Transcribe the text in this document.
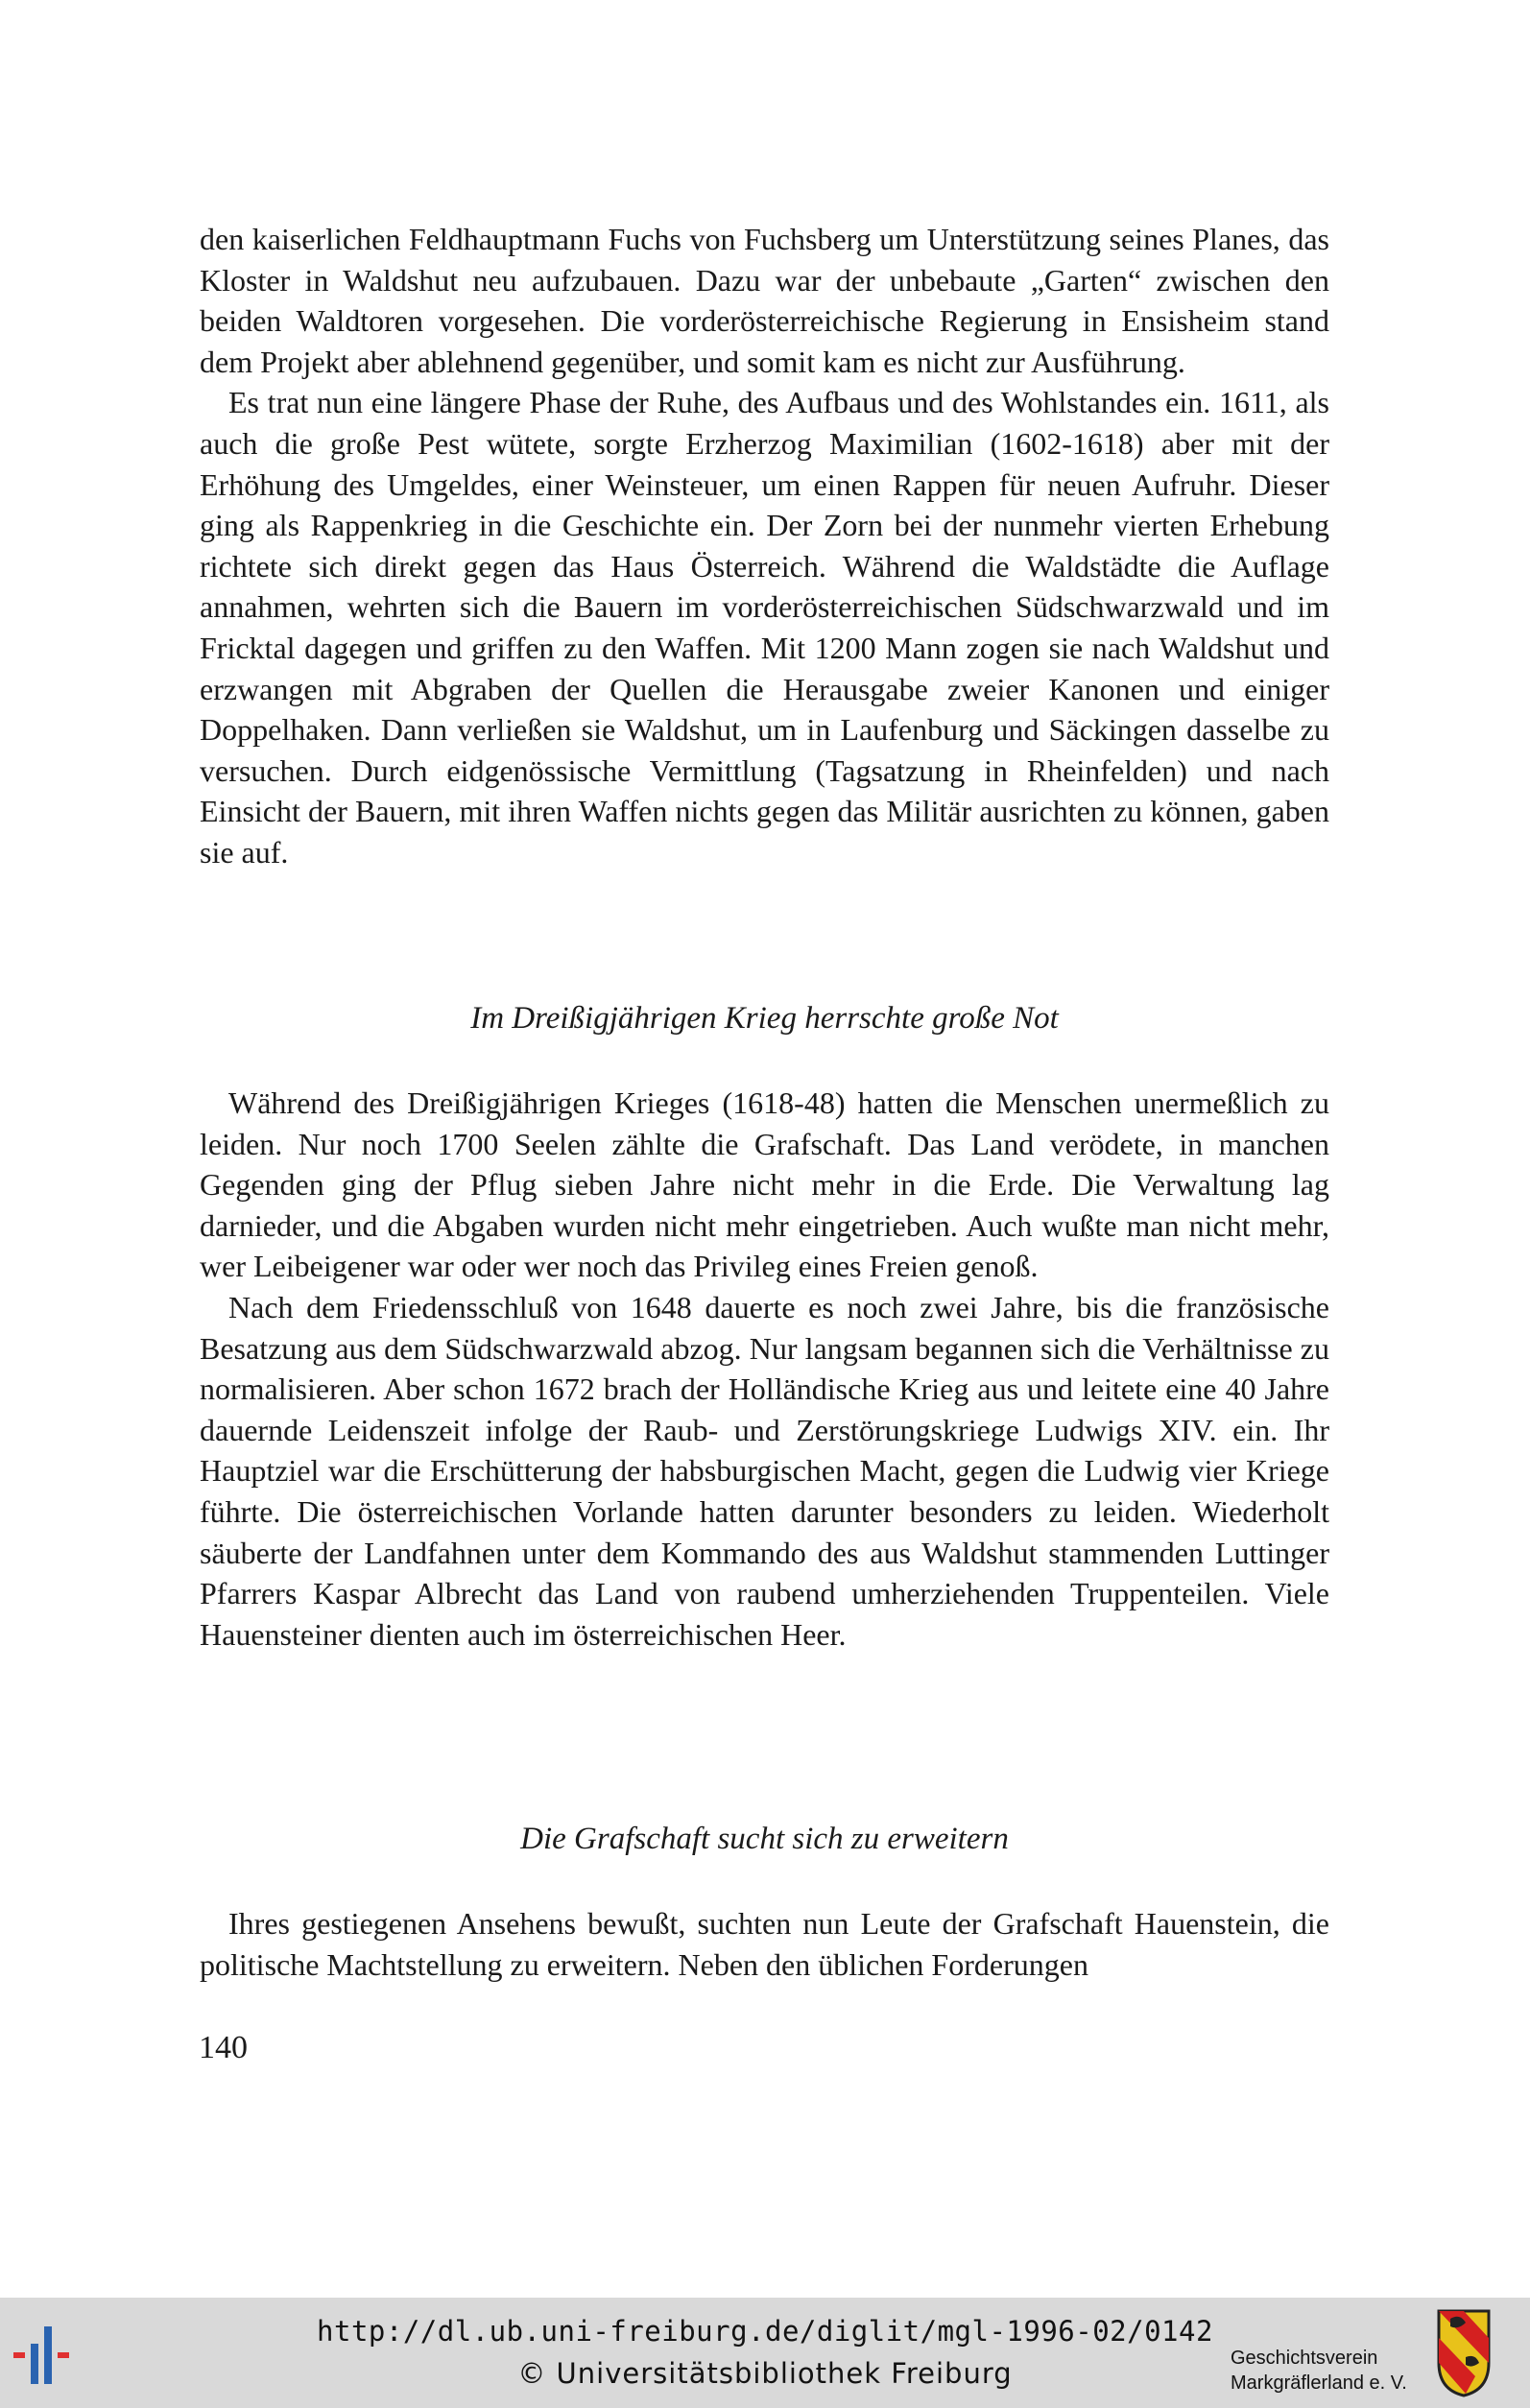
den kaiserlichen Feldhauptmann Fuchs von Fuchsberg um Unterstützung seines Planes, das Kloster in Waldshut neu aufzubauen. Dazu war der unbebaute „Garten“ zwischen den beiden Waldtoren vorgesehen. Die vorderösterreichische Regierung in Ensisheim stand dem Projekt aber ablehnend gegenüber, und somit kam es nicht zur Ausführung.

Es trat nun eine längere Phase der Ruhe, des Aufbaus und des Wohlstandes ein. 1611, als auch die große Pest wütete, sorgte Erzherzog Maximilian (1602-1618) aber mit der Erhöhung des Umgeldes, einer Weinsteuer, um einen Rappen für neuen Aufruhr. Dieser ging als Rappenkrieg in die Geschichte ein. Der Zorn bei der nunmehr vierten Erhebung richtete sich direkt gegen das Haus Österreich. Während die Waldstädte die Auflage annahmen, wehrten sich die Bauern im vorderösterreichischen Südschwarzwald und im Fricktal dagegen und griffen zu den Waffen. Mit 1200 Mann zogen sie nach Waldshut und erzwangen mit Abgraben der Quellen die Herausgabe zweier Kanonen und einiger Doppelhaken. Dann verließen sie Waldshut, um in Laufenburg und Säckingen dasselbe zu versuchen. Durch eidgenössische Vermittlung (Tagsatzung in Rheinfelden) und nach Einsicht der Bauern, mit ihren Waffen nichts gegen das Militär ausrichten zu können, gaben sie auf.

Im Dreißigjährigen Krieg herrschte große Not

Während des Dreißigjährigen Krieges (1618-48) hatten die Menschen unermeßlich zu leiden. Nur noch 1700 Seelen zählte die Grafschaft. Das Land verödete, in manchen Gegenden ging der Pflug sieben Jahre nicht mehr in die Erde. Die Verwaltung lag darnieder, und die Abgaben wurden nicht mehr eingetrieben. Auch wußte man nicht mehr, wer Leibeigener war oder wer noch das Privileg eines Freien genoß.

Nach dem Friedensschluß von 1648 dauerte es noch zwei Jahre, bis die französische Besatzung aus dem Südschwarzwald abzog. Nur langsam begannen sich die Verhältnisse zu normalisieren. Aber schon 1672 brach der Holländische Krieg aus und leitete eine 40 Jahre dauernde Leidenszeit infolge der Raub- und Zerstörungskriege Ludwigs XIV. ein. Ihr Hauptziel war die Erschütterung der habsburgischen Macht, gegen die Ludwig vier Kriege führte. Die österreichischen Vorlande hatten darunter besonders zu leiden. Wiederholt säuberte der Landfahnen unter dem Kommando des aus Waldshut stammenden Luttinger Pfarrers Kaspar Albrecht das Land von raubend umherziehenden Truppenteilen. Viele Hauensteiner dienten auch im österreichischen Heer.

Die Grafschaft sucht sich zu erweitern

Ihres gestiegenen Ansehens bewußt, suchten nun Leute der Grafschaft Hauenstein, die politische Machtstellung zu erweitern. Neben den üblichen Forderungen

140
http://dl.ub.uni-freiburg.de/diglit/mgl-1996-02/0142
© Universitätsbibliothek Freiburg	Geschichtsverein
Markgräflerland e. V.
